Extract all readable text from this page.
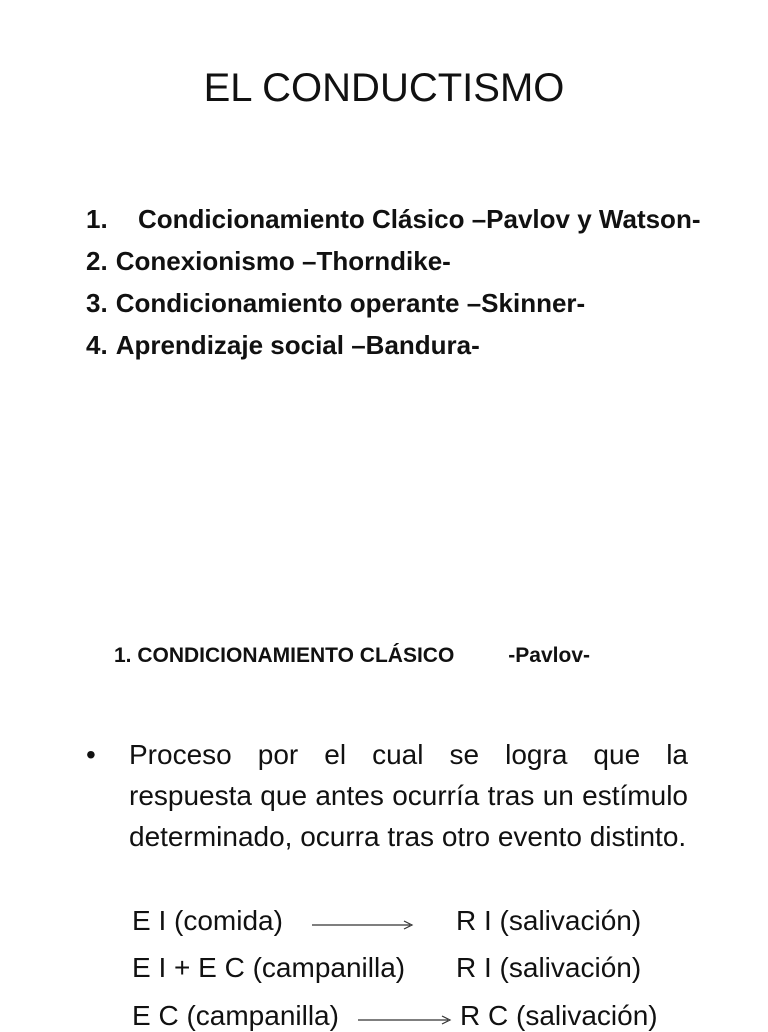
EL CONDUCTISMO
1.	Condicionamiento Clásico –Pavlov y Watson-
2. Conexionismo –Thorndike-
3. Condicionamiento operante –Skinner-
4. Aprendizaje social –Bandura-
1. CONDICIONAMIENTO CLÁSICO	-Pavlov-
•	Proceso por el cual se logra que la respuesta que antes ocurría tras un estímulo determinado, ocurra tras otro evento distinto.
E I (comida)	R I (salivación)
E I + E C (campanilla) R I (salivación)
E C (campanilla)	R C (salivación)
